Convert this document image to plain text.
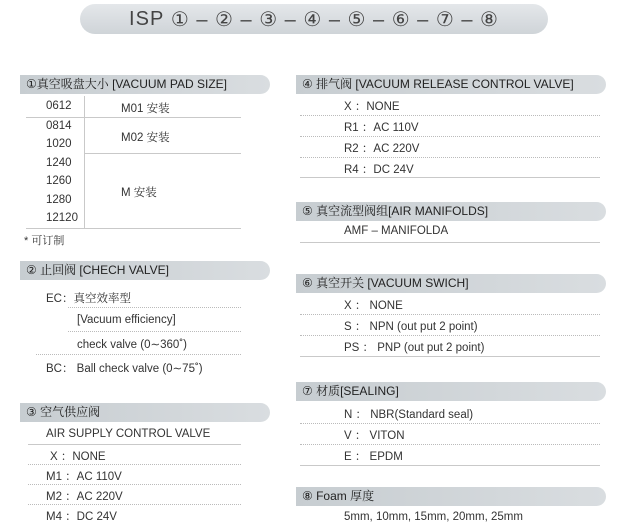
ISP
① – ② – ③ – ④ – ⑤ – ⑥ – ⑦ – ⑧
①真空吸盘大小 [VACUUM PAD SIZE]
0612
0814
1020
1240
1260
1280
12120
M01 安装
M02 安装
M 安装
* 可订制
② 止回阀 [CHECH VALVE]
EC：真空效率型
[Vacuum efficiency]
check valve (0∼360˚)
BC： Ball check valve (0∼75˚)
③ 空气供应阀
AIR SUPPLY CONTROL VALVE
X ：NONE
M1 ：AC 110V
M2 ：AC 220V
M4 ：DC 24V
④ 排气阀 [VACUUM RELEASE CONTROL VALVE]
X ：NONE
R1 ：AC 110V
R2 ：AC 220V
R4 ：DC 24V
⑤ 真空流型阀组[AIR MANIFOLDS]
AMF – MANIFOLDA
⑥ 真空开关 [VACUUM SWICH]
X ： NONE
S ： NPN (out put 2 point)
PS ： PNP (out put 2 point)
⑦ 材质[SEALING]
N ： NBR(Standard seal)
V ： VITON
E ： EPDM
⑧ Foam 厚度
5mm, 10mm, 15mm, 20mm, 25mm
